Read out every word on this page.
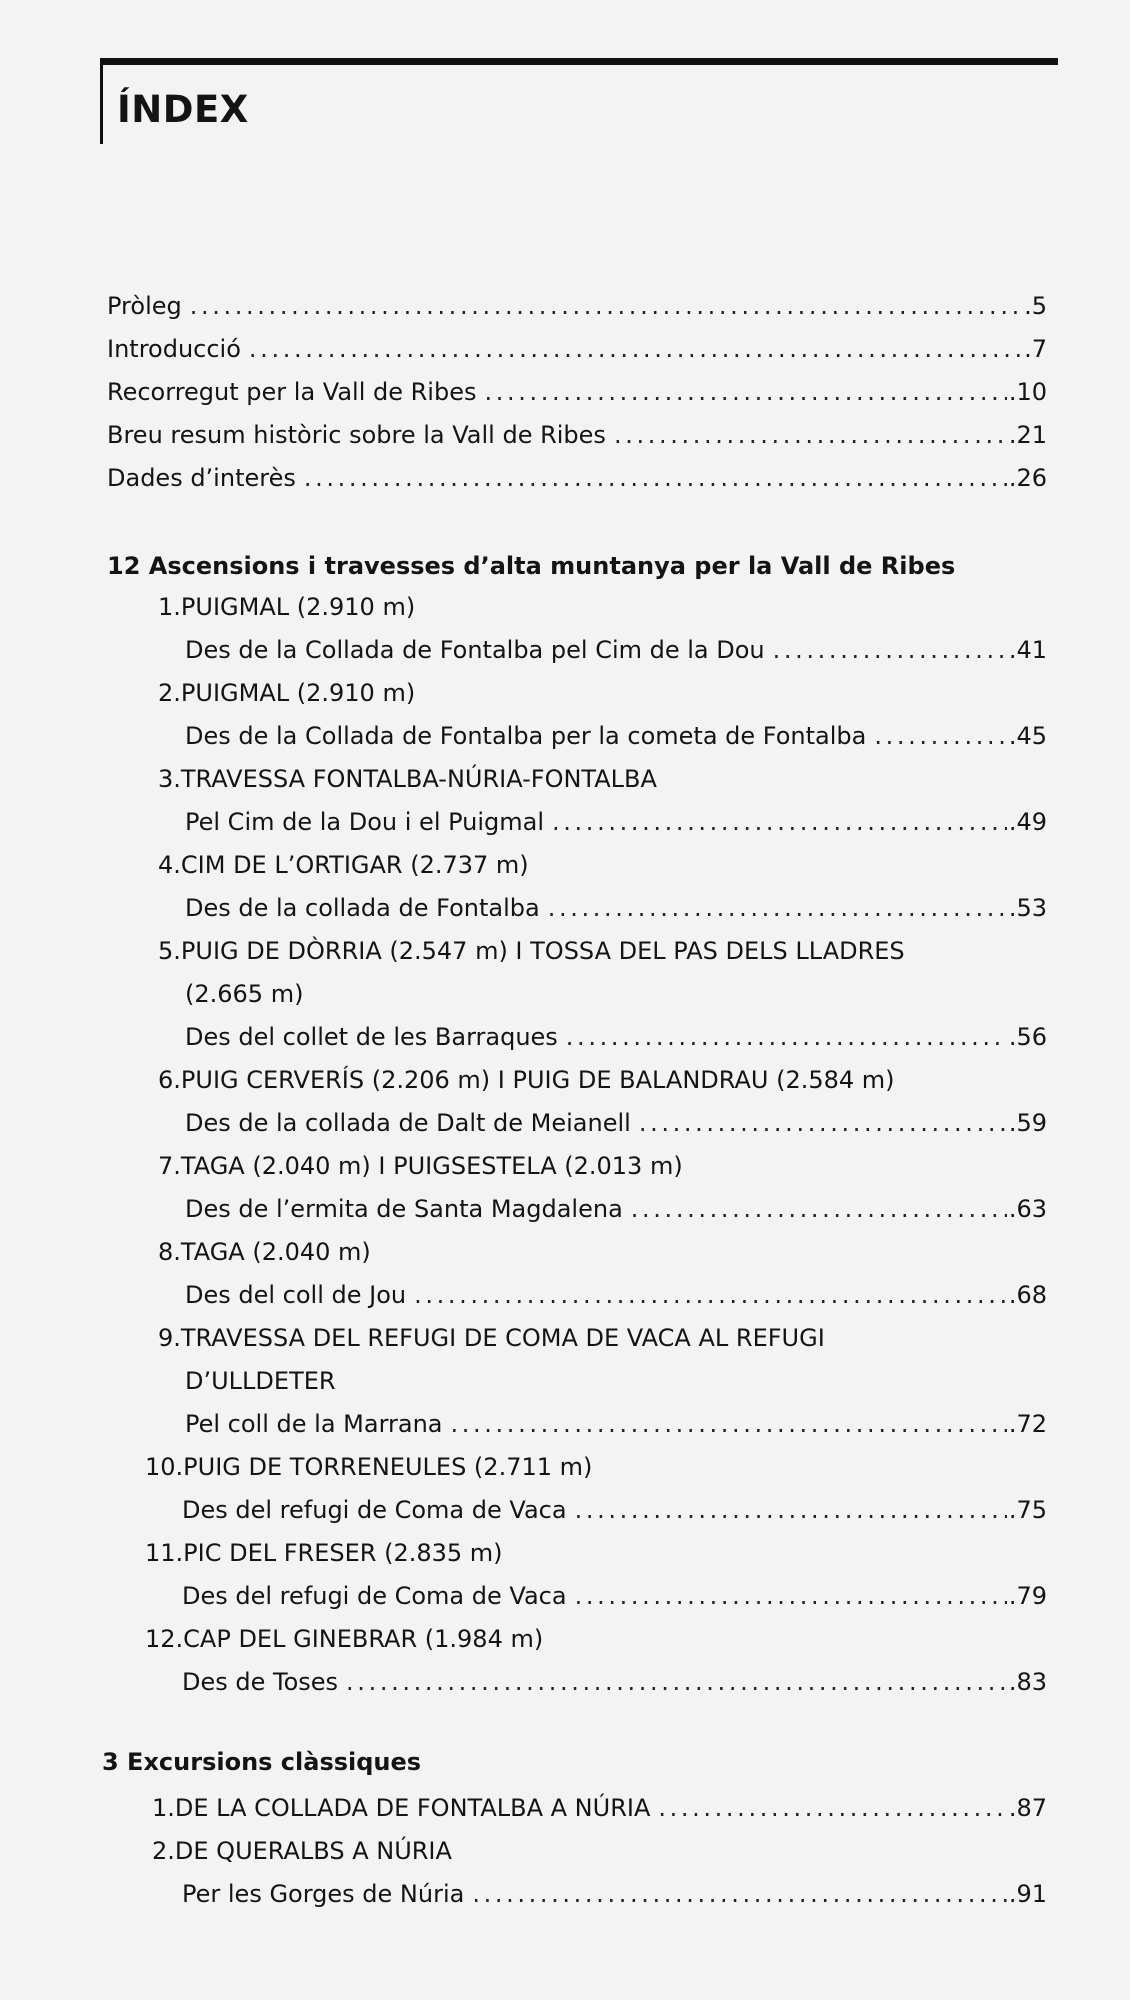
ÍNDEX
Pròleg . . .	.5
Introducció . . .	.7
Recorregut per la Vall de Ribes . . .	.10
Breu resum històric sobre la Vall de Ribes . . .	.21
Dades d’interès . . .	.26
12 Ascensions i travesses d’alta muntanya per la Vall de Ribes
1.PUIGMAL (2.910 m)
Des de la Collada de Fontalba pel Cim de la Dou . . .	.41
2.PUIGMAL (2.910 m)
Des de la Collada de Fontalba per la cometa de Fontalba . . .	.45
3.TRAVESSA FONTALBA-NÚRIA-FONTALBA
Pel Cim de la Dou i el Puigmal . . .	.49
4.CIM DE L’ORTIGAR (2.737 m)
Des de la collada de Fontalba . . .	.53
5.PUIG DE DÒRRIA (2.547 m) I TOSSA DEL PAS DELS LLADRES
(2.665 m)
Des del collet de les Barraques . . .	.56
6.PUIG CERVERÍS (2.206 m) I PUIG DE BALANDRAU (2.584 m)
Des de la collada de Dalt de Meianell . . .	.59
7.TAGA (2.040 m) I PUIGSESTELA (2.013 m)
Des de l’ermita de Santa Magdalena . . .	.63
8.TAGA (2.040 m)
Des del coll de Jou . . .	.68
9.TRAVESSA DEL REFUGI DE COMA DE VACA AL REFUGI
D’ULLDETER
Pel coll de la Marrana . . .	.72
10.PUIG DE TORRENEULES (2.711 m)
Des del refugi de Coma de Vaca . . .	.75
11.PIC DEL FRESER (2.835 m)
Des del refugi de Coma de Vaca . . .	.79
12.CAP DEL GINEBRAR (1.984 m)
Des de Toses . . .	.83
3 Excursions clàssiques
1.DE LA COLLADA DE FONTALBA A NÚRIA . . .	.87
2.DE QUERALBS A NÚRIA
Per les Gorges de Núria . . .	.91
